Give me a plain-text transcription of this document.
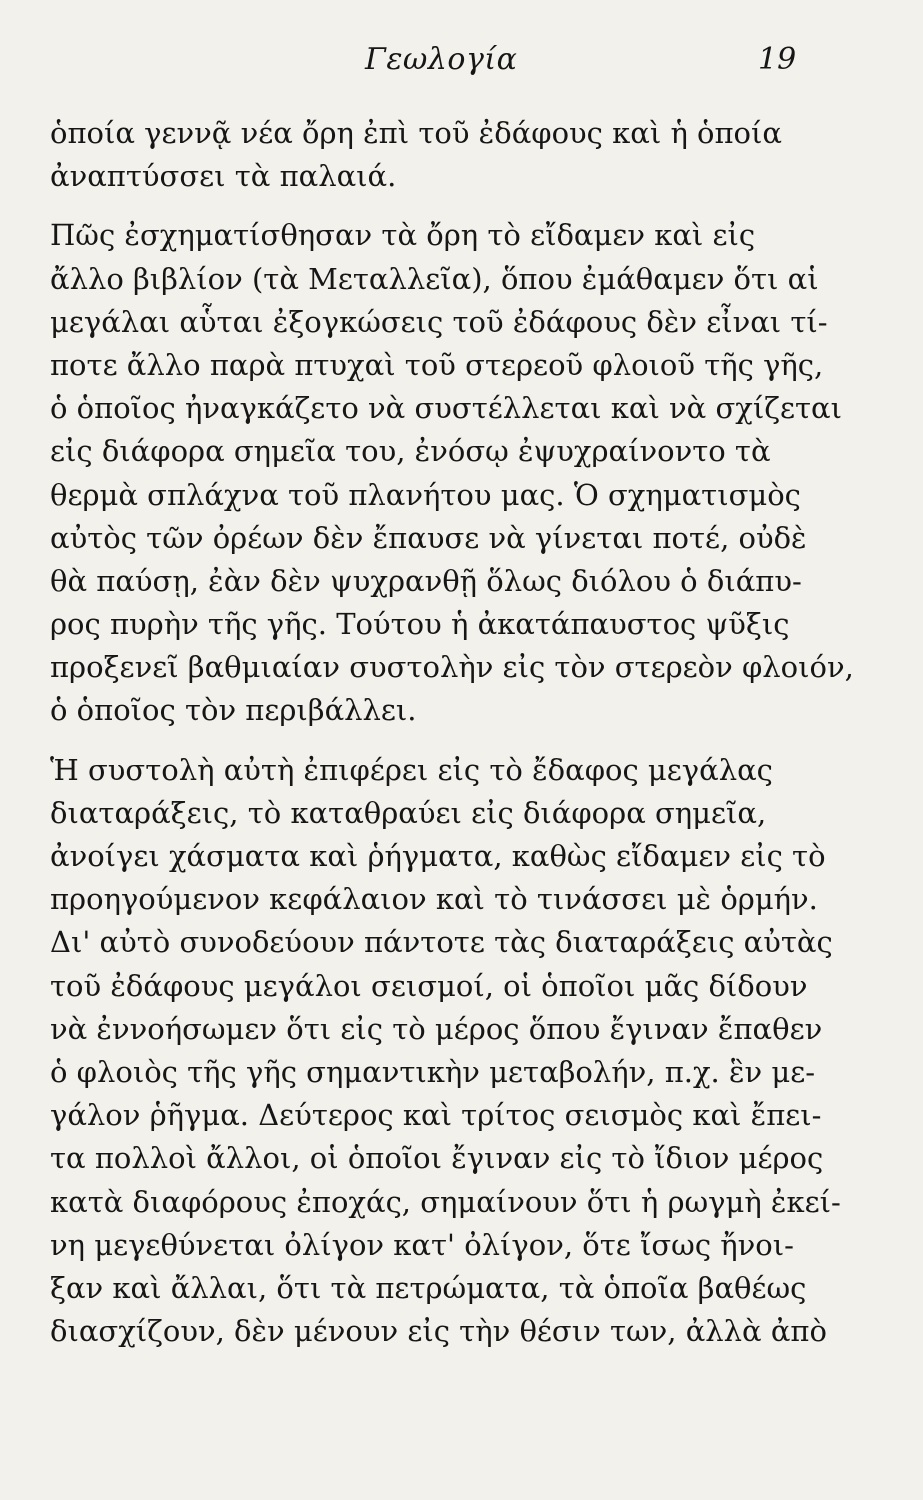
Γεωλογία	19
ὁποία γεννᾷ νέα ὄρη ἐπὶ τοῦ ἐδάφους καὶ ἡ ὁποία
ἀναπτύσσει τὰ παλαιά.
Πῶς ἐσχηματίσθησαν τὰ ὄρη τὸ εἴδαμεν καὶ εἰς
ἄλλο βιβλίον (τὰ Μεταλλεῖα), ὅπου ἐμάθαμεν ὅτι αἱ
μεγάλαι αὗται ἐξογκώσεις τοῦ ἐδάφους δὲν εἶναι τί-
ποτε ἄλλο παρὰ πτυχαὶ τοῦ στερεοῦ φλοιοῦ τῆς γῆς,
ὁ ὁποῖος ἠναγκάζετο νὰ συστέλλεται καὶ νὰ σχίζεται
εἰς διάφορα σημεῖα του, ἐνόσῳ ἐψυχραίνοντο τὰ
θερμὰ σπλάχνα τοῦ πλανήτου μας. Ὁ σχηματισμὸς
αὐτὸς τῶν ὀρέων δὲν ἔπαυσε νὰ γίνεται ποτέ, οὐδὲ
θὰ παύσῃ, ἐὰν δὲν ψυχρανθῇ ὅλως διόλου ὁ διάπυ-
ρος πυρὴν τῆς γῆς. Τούτου ἡ ἀκατάπαυστος ψῦξις
προξενεῖ βαθμιαίαν συστολὴν εἰς τὸν στερεὸν φλοιόν,
ὁ ὁποῖος τὸν περιβάλλει.
Ἡ συστολὴ αὐτὴ ἐπιφέρει εἰς τὸ ἔδαφος μεγάλας
διαταράξεις, τὸ καταθραύει εἰς διάφορα σημεῖα,
ἀνοίγει χάσματα καὶ ῥήγματα, καθὼς εἴδαμεν εἰς τὸ
προηγούμενον κεφάλαιον καὶ τὸ τινάσσει μὲ ὁρμήν.
Δι' αὐτὸ συνοδεύουν πάντοτε τὰς διαταράξεις αὐτὰς
τοῦ ἐδάφους μεγάλοι σεισμοί, οἱ ὁποῖοι μᾶς δίδουν
νὰ ἐννοήσωμεν ὅτι εἰς τὸ μέρος ὅπου ἔγιναν ἔπαθεν
ὁ φλοιὸς τῆς γῆς σημαντικὴν μεταβολήν, π.χ. ἓν με-
γάλον ῥῆγμα. Δεύτερος καὶ τρίτος σεισμὸς καὶ ἔπει-
τα πολλοὶ ἄλλοι, οἱ ὁποῖοι ἔγιναν εἰς τὸ ἴδιον μέρος
κατὰ διαφόρους ἐποχάς, σημαίνουν ὅτι ἡ ρωγμὴ ἐκεί-
νη μεγεθύνεται ὀλίγον κατ' ὀλίγον, ὅτε ἴσως ἤνοι-
ξαν καὶ ἄλλαι, ὅτι τὰ πετρώματα, τὰ ὁποῖα βαθέως
διασχίζουν, δὲν μένουν εἰς τὴν θέσιν των, ἀλλὰ ἀπὸ
